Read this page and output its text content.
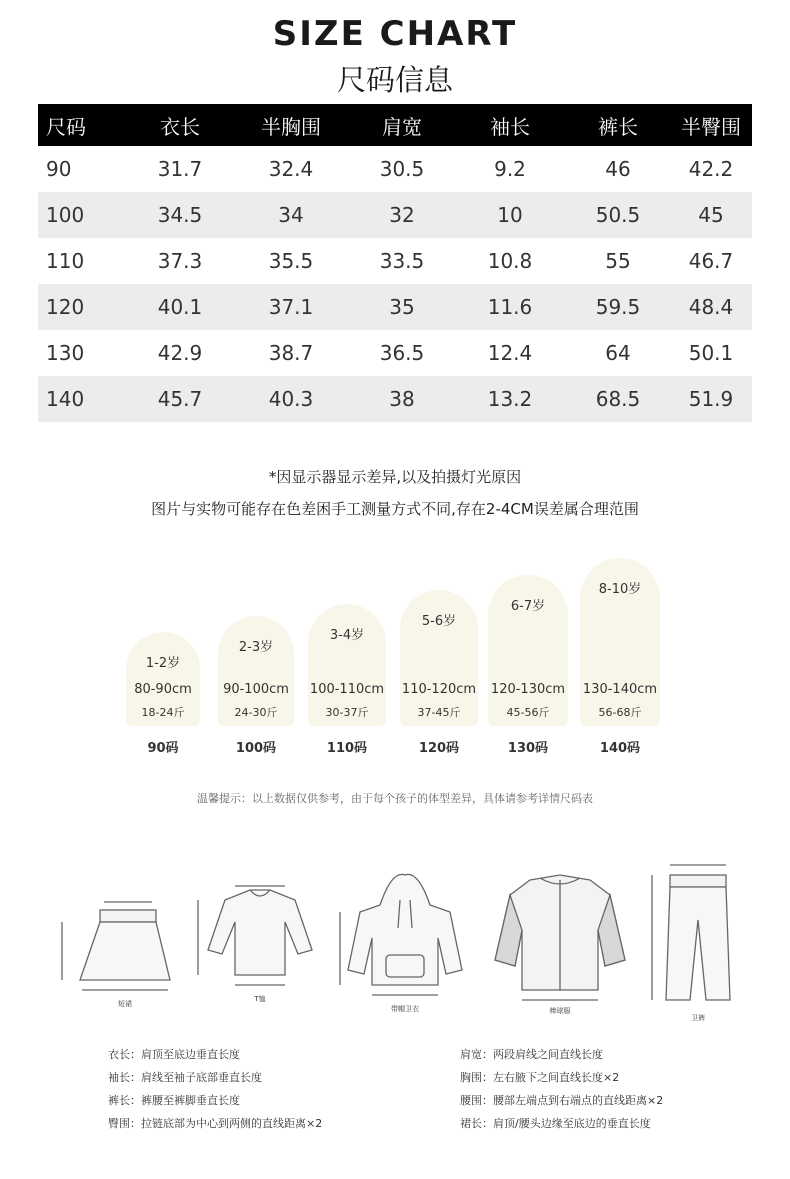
SIZE CHART
尺码信息
尺码	衣长	半胸围	肩宽	袖长	裤长	半臀围
90	31.7	32.4	30.5	9.2	46	42.2
100	34.5	34	32	10	50.5	45
110	37.3	35.5	33.5	10.8	55	46.7
120	40.1	37.1	35	11.6	59.5	48.4
130	42.9	38.7	36.5	12.4	64	50.1
140	45.7	40.3	38	13.2	68.5	51.9
*因显示器显示差异,以及拍摄灯光原因
图片与实物可能存在色差困手工测量方式不同,存在2-4CM误差属合理范围
1-2岁
80-90cm
18-24斤
90码
2-3岁
90-100cm
24-30斤
100码
3-4岁
100-110cm
30-37斤
110码
5-6岁
110-120cm
37-45斤
120码
6-7岁
120-130cm
45-56斤
130码
8-10岁
130-140cm
56-68斤
140码
温馨提示：以上数据仅供参考，由于每个孩子的体型差异，具体请参考详情尺码表
短裙
T恤
带帽卫衣	棒球服
卫裤
衣长：肩顶至底边垂直长度
袖长：肩线至袖子底部垂直长度
裤长：裤腰至裤脚垂直长度
臀围：拉链底部为中心到两侧的直线距离×2
肩宽：两段肩线之间直线长度
胸围：左右腋下之间直线长度×2
腰围：腰部左端点到右端点的直线距离×2
裙长：肩顶/腰头边缘至底边的垂直长度
